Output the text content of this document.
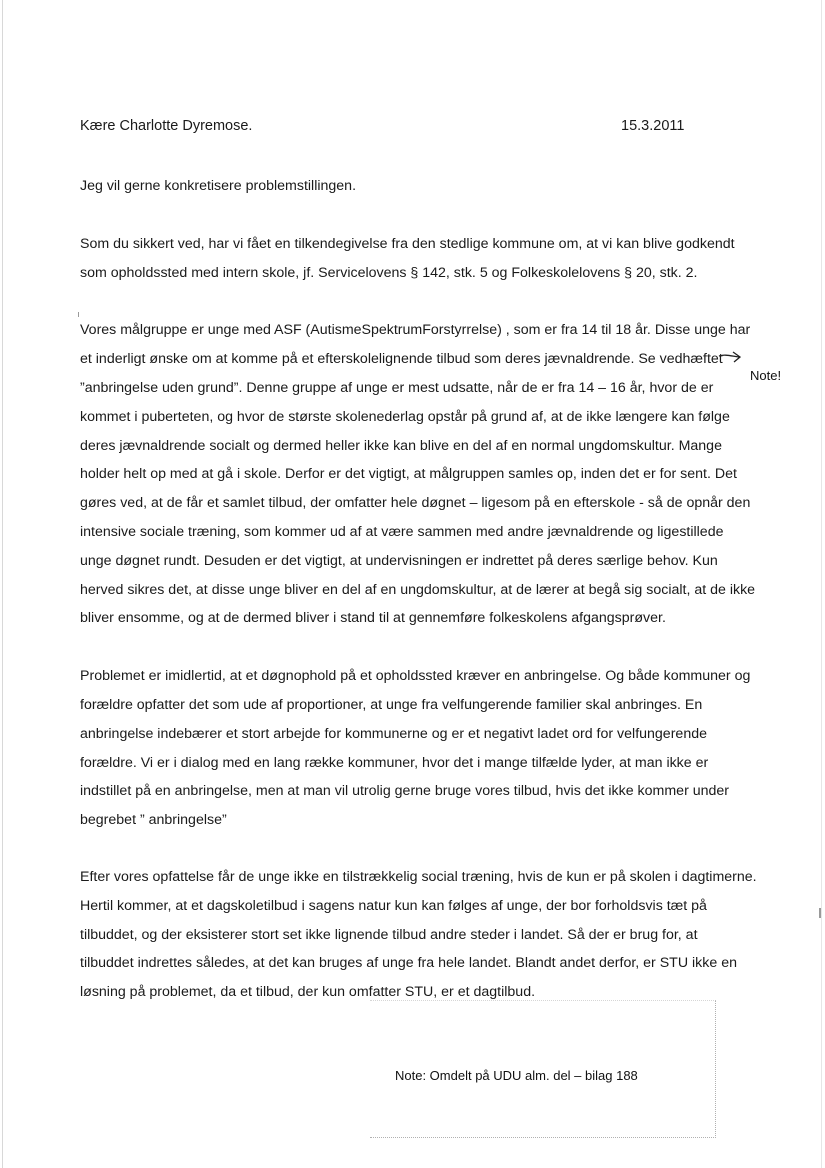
Kære Charlotte Dyremose.	15.3.2011

Jeg vil gerne konkretisere problemstillingen.

Som du sikkert ved, har vi fået en tilkendegivelse fra den stedlige kommune om, at vi kan blive godkendt
som opholdssted med intern skole, jf. Servicelovens § 142, stk. 5 og Folkeskolelovens § 20, stk. 2.

Vores målgruppe er unge med ASF (AutismeSpektrumForstyrrelse) , som er fra 14 til 18 år. Disse unge har
et inderligt ønske om at komme på et efterskolelignende tilbud som deres jævnaldrende. Se vedhæftet
”anbringelse uden grund”. Denne gruppe af unge er mest udsatte, når de er fra 14 – 16 år, hvor de er
kommet i puberteten, og hvor de største skolenederlag opstår på grund af, at de ikke længere kan følge
deres jævnaldrende socialt og dermed heller ikke kan blive en del af en normal ungdomskultur. Mange
holder helt op med at gå i skole. Derfor er det vigtigt, at målgruppen samles op, inden det er for sent. Det
gøres ved, at de får et samlet tilbud, der omfatter hele døgnet – ligesom på en efterskole - så de opnår den
intensive sociale træning, som kommer ud af at være sammen med andre jævnaldrende og ligestillede
unge døgnet rundt. Desuden er det vigtigt, at undervisningen er indrettet på deres særlige behov. Kun
herved sikres det, at disse unge bliver en del af en ungdomskultur, at de lærer at begå sig socialt, at de ikke
bliver ensomme, og at de dermed bliver i stand til at gennemføre folkeskolens afgangsprøver.

Problemet er imidlertid, at et døgnophold på et opholdssted kræver en anbringelse. Og både kommuner og
forældre opfatter det som ude af proportioner, at unge fra velfungerende familier skal anbringes. En
anbringelse indebærer et stort arbejde for kommunerne og er et negativt ladet ord for velfungerende
forældre. Vi er i dialog med en lang række kommuner, hvor det i mange tilfælde lyder, at man ikke er
indstillet på en anbringelse, men at man vil utrolig gerne bruge vores tilbud, hvis det ikke kommer under
begrebet ” anbringelse”

Efter vores opfattelse får de unge ikke en tilstrækkelig social træning, hvis de kun er på skolen i dagtimerne.
Hertil kommer, at et dagskoletilbud i sagens natur kun kan følges af unge, der bor forholdsvis tæt på
tilbuddet, og der eksisterer stort set ikke lignende tilbud andre steder i landet. Så der er brug for, at
tilbuddet indrettes således, at det kan bruges af unge fra hele landet. Blandt andet derfor, er STU ikke en
løsning på problemet, da et tilbud, der kun omfatter STU, er et dagtilbud.

Note!
Note: Omdelt på UDU alm. del – bilag 188
